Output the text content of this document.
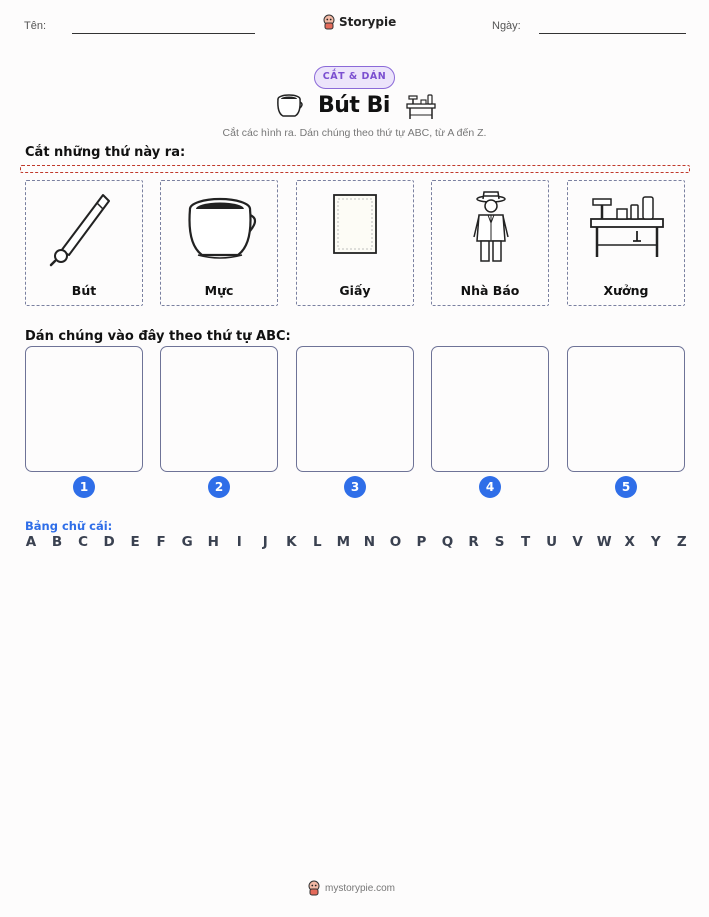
Tên:	Storypie	Ngày:
CẮT & DÁN
Bút Bi
Cắt các hình ra. Dán chúng theo thứ tự ABC, từ A đến Z.
Cắt những thứ này ra:
Bút	Mực	Giấy	Nhà Báo	Xưởng
Dán chúng vào đây theo thứ tự ABC:
1	2	3	4	5
Bảng chữ cái:
A B C D E F G H	I	J	K L M N O P Q R S T U V W X Y Z
mystorypie.com
